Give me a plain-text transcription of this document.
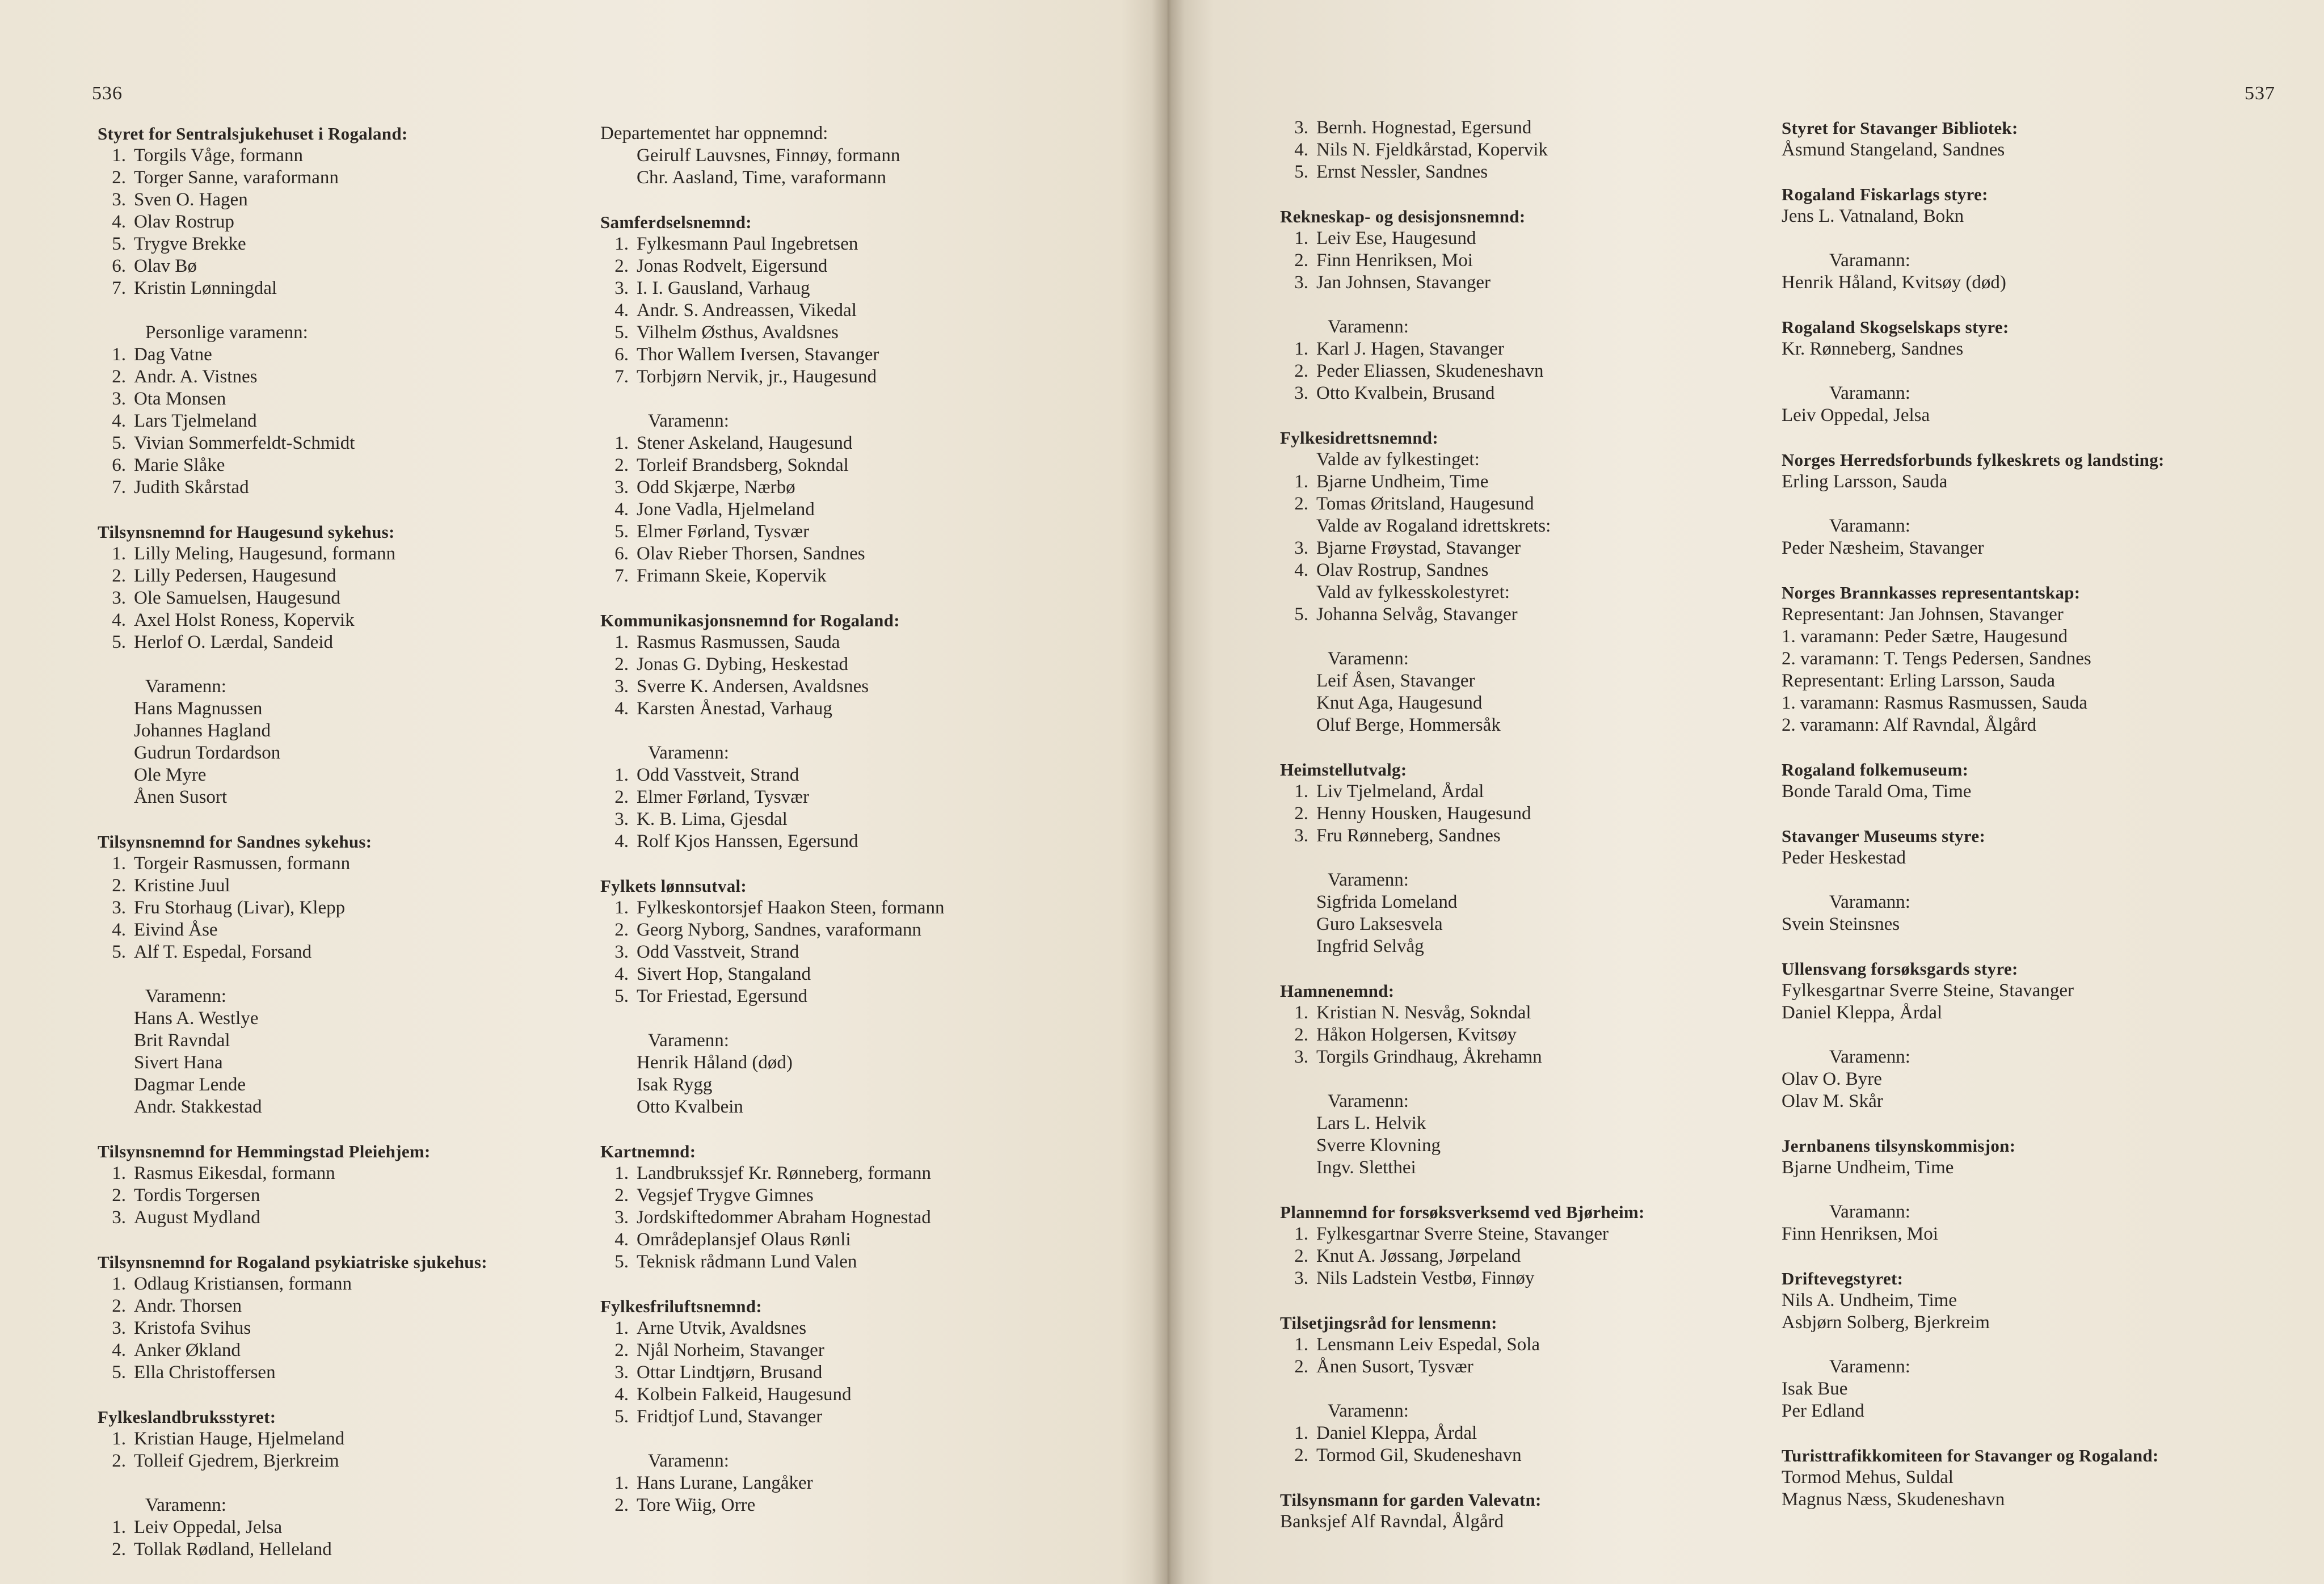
536
Styret for Sentralsjukehuset i Rogaland:
1. Torgils Våge, formann
2. Torger Sanne, varaformann
3. Sven O. Hagen
4. Olav Rostrup
5. Trygve Brekke
6. Olav Bø
7. Kristin Lønningdal
Personlige varamenn:
1. Dag Vatne
2. Andr. A. Vistnes
3. Ota Monsen
4. Lars Tjelmeland
5. Vivian Sommerfeldt-Schmidt
6. Marie Slåke
7. Judith Skårstad
Tilsynsnemnd for Haugesund sykehus:
1. Lilly Meling, Haugesund, formann
2. Lilly Pedersen, Haugesund
3. Ole Samuelsen, Haugesund
4. Axel Holst Roness, Kopervik
5. Herlof O. Lærdal, Sandeid
Varamenn:
Hans Magnussen
Johannes Hagland
Gudrun Tordardson
Ole Myre
Ånen Susort
Tilsynsnemnd for Sandnes sykehus:
1. Torgeir Rasmussen, formann
2. Kristine Juul
3. Fru Storhaug (Livar), Klepp
4. Eivind Åse
5. Alf T. Espedal, Forsand
Varamenn:
Hans A. Westlye
Brit Ravndal
Sivert Hana
Dagmar Lende
Andr. Stakkestad
Tilsynsnemnd for Hemmingstad Pleiehjem:
1. Rasmus Eikesdal, formann
2. Tordis Torgersen
3. August Mydland
Tilsynsnemnd for Rogaland psykiatriske sjukehus:
1. Odlaug Kristiansen, formann
2. Andr. Thorsen
3. Kristofa Svihus
4. Anker Økland
5. Ella Christoffersen
Fylkeslandbruksstyret:
1. Kristian Hauge, Hjelmeland
2. Tolleif Gjedrem, Bjerkreim
Varamenn:
1. Leiv Oppedal, Jelsa
2. Tollak Rødland, Helleland
Departementet har oppnemnd:
Geirulf Lauvsnes, Finnøy, formann
Chr. Aasland, Time, varaformann
Samferdselsnemnd:
1. Fylkesmann Paul Ingebretsen
2. Jonas Rodvelt, Eigersund
3. I. I. Gausland, Varhaug
4. Andr. S. Andreassen, Vikedal
5. Vilhelm Østhus, Avaldsnes
6. Thor Wallem Iversen, Stavanger
7. Torbjørn Nervik, jr., Haugesund
Varamenn:
1. Stener Askeland, Haugesund
2. Torleif Brandsberg, Sokndal
3. Odd Skjærpe, Nærbø
4. Jone Vadla, Hjelmeland
5. Elmer Førland, Tysvær
6. Olav Rieber Thorsen, Sandnes
7. Frimann Skeie, Kopervik
Kommunikasjonsnemnd for Rogaland:
1. Rasmus Rasmussen, Sauda
2. Jonas G. Dybing, Heskestad
3. Sverre K. Andersen, Avaldsnes
4. Karsten Ånestad, Varhaug
Varamenn:
1. Odd Vasstveit, Strand
2. Elmer Førland, Tysvær
3. K. B. Lima, Gjesdal
4. Rolf Kjos Hanssen, Egersund
Fylkets lønnsutval:
1. Fylkeskontorsjef Haakon Steen, formann
2. Georg Nyborg, Sandnes, varaformann
3. Odd Vasstveit, Strand
4. Sivert Hop, Stangaland
5. Tor Friestad, Egersund
Varamenn:
Henrik Håland (død)
Isak Rygg
Otto Kvalbein
Kartnemnd:
1. Landbrukssjef Kr. Rønneberg, formann
2. Vegsjef Trygve Gimnes
3. Jordskiftedommer Abraham Hognestad
4. Områdeplansjef Olaus Rønli
5. Teknisk rådmann Lund Valen
Fylkesfriluftsnemnd:
1. Arne Utvik, Avaldsnes
2. Njål Norheim, Stavanger
3. Ottar Lindtjørn, Brusand
4. Kolbein Falkeid, Haugesund
5. Fridtjof Lund, Stavanger
Varamenn:
1. Hans Lurane, Langåker
2. Tore Wiig, Orre
537
3. Bernh. Hognestad, Egersund
4. Nils N. Fjeldkårstad, Kopervik
5. Ernst Nessler, Sandnes
Rekneskap- og desisjonsnemnd:
1. Leiv Ese, Haugesund
2. Finn Henriksen, Moi
3. Jan Johnsen, Stavanger
Varamenn:
1. Karl J. Hagen, Stavanger
2. Peder Eliassen, Skudeneshavn
3. Otto Kvalbein, Brusand
Fylkesidrettsnemnd:
Valde av fylkestinget:
1. Bjarne Undheim, Time
2. Tomas Øritsland, Haugesund
Valde av Rogaland idrettskrets:
3. Bjarne Frøystad, Stavanger
4. Olav Rostrup, Sandnes
Vald av fylkesskolestyret:
5. Johanna Selvåg, Stavanger
Varamenn:
Leif Åsen, Stavanger
Knut Aga, Haugesund
Oluf Berge, Hommersåk
Heimstellutvalg:
1. Liv Tjelmeland, Årdal
2. Henny Housken, Haugesund
3. Fru Rønneberg, Sandnes
Varamenn:
Sigfrida Lomeland
Guro Laksesvela
Ingfrid Selvåg
Hamnenemnd:
1. Kristian N. Nesvåg, Sokndal
2. Håkon Holgersen, Kvitsøy
3. Torgils Grindhaug, Åkrehamn
Varamenn:
Lars L. Helvik
Sverre Klovning
Ingv. Sletthei
Plannemnd for forsøksverksemd ved Bjørheim:
1. Fylkesgartnar Sverre Steine, Stavanger
2. Knut A. Jøssang, Jørpeland
3. Nils Ladstein Vestbø, Finnøy
Tilsetjingsråd for lensmenn:
1. Lensmann Leiv Espedal, Sola
2. Ånen Susort, Tysvær
Varamenn:
1. Daniel Kleppa, Årdal
2. Tormod Gil, Skudeneshavn
Tilsynsmann for garden Valevatn:
Banksjef Alf Ravndal, Ålgård
Styret for Stavanger Bibliotek:
Åsmund Stangeland, Sandnes
Rogaland Fiskarlags styre:
Jens L. Vatnaland, Bokn
Varamann:
Henrik Håland, Kvitsøy (død)
Rogaland Skogselskaps styre:
Kr. Rønneberg, Sandnes
Varamann:
Leiv Oppedal, Jelsa
Norges Herredsforbunds fylkeskrets og landsting:
Erling Larsson, Sauda
Varamann:
Peder Næsheim, Stavanger
Norges Brannkasses representantskap:
Representant: Jan Johnsen, Stavanger
1. varamann: Peder Sætre, Haugesund
2. varamann: T. Tengs Pedersen, Sandnes
Representant: Erling Larsson, Sauda
1. varamann: Rasmus Rasmussen, Sauda
2. varamann: Alf Ravndal, Ålgård
Rogaland folkemuseum:
Bonde Tarald Oma, Time
Stavanger Museums styre:
Peder Heskestad
Varamann:
Svein Steinsnes
Ullensvang forsøksgards styre:
Fylkesgartnar Sverre Steine, Stavanger
Daniel Kleppa, Årdal
Varamenn:
Olav O. Byre
Olav M. Skår
Jernbanens tilsynskommisjon:
Bjarne Undheim, Time
Varamann:
Finn Henriksen, Moi
Driftevegstyret:
Nils A. Undheim, Time
Asbjørn Solberg, Bjerkreim
Varamenn:
Isak Bue
Per Edland
Turisttrafikkomiteen for Stavanger og Rogaland:
Tormod Mehus, Suldal
Magnus Næss, Skudeneshavn
